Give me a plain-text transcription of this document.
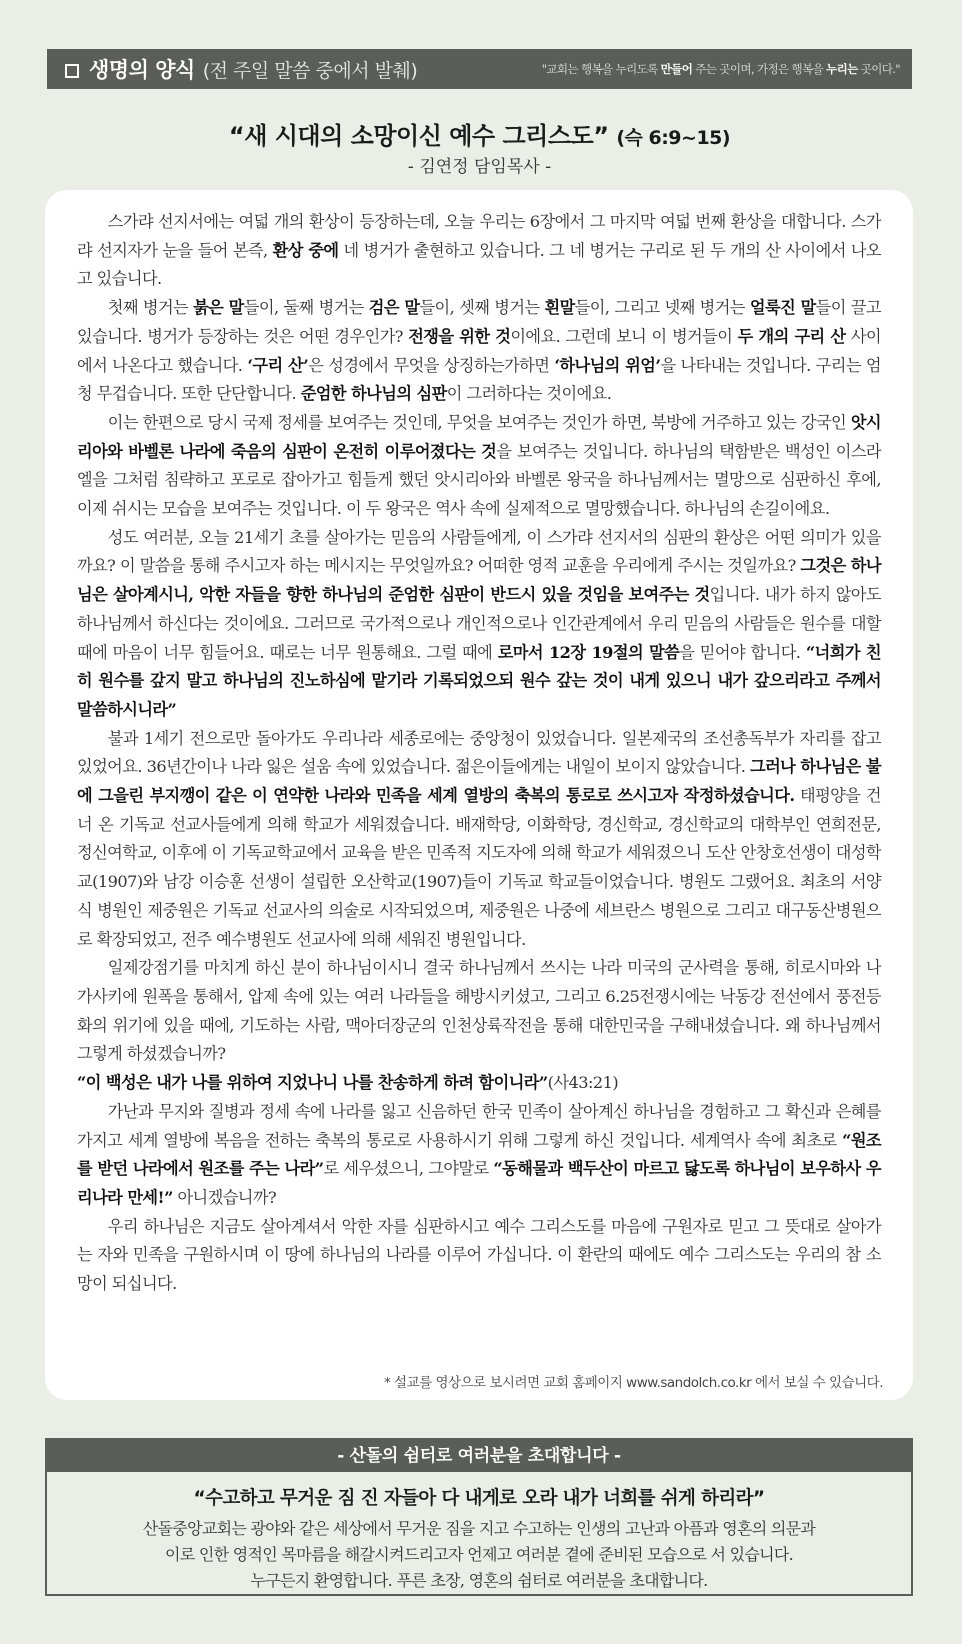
생명의 양식 (전 주일 말씀 중에서 발췌)	"교회는 행복을 누리도록 만들어 주는 곳이며, 가정은 행복을 누리는 곳이다."
“새 시대의 소망이신 예수 그리스도” (슥 6:9~15)
- 김연정 담임목사 -

스가랴 선지서에는 여덟 개의 환상이 등장하는데, 오늘 우리는 6장에서 그 마지막 여덟 번째 환상을 대합니다. 스가랴 선지자가 눈을 들어 본즉, 환상 중에 네 병거가 출현하고 있습니다. 그 네 병거는 구리로 된 두 개의 산 사이에서 나오고 있습니다.

첫째 병거는 붉은 말들이, 둘째 병거는 검은 말들이, 셋째 병거는 흰말들이, 그리고 넷째 병거는 얼룩진 말들이 끌고 있습니다. 병거가 등장하는 것은 어떤 경우인가? 전쟁을 위한 것이에요. 그런데 보니 이 병거들이 두 개의 구리 산 사이에서 나온다고 했습니다. ‘구리 산’은 성경에서 무엇을 상징하는가하면 ‘하나님의 위엄’을 나타내는 것입니다. 구리는 엄청 무겁습니다. 또한 단단합니다. 준엄한 하나님의 심판이 그러하다는 것이에요.

이는 한편으로 당시 국제 정세를 보여주는 것인데, 무엇을 보여주는 것인가 하면, 북방에 거주하고 있는 강국인 앗시리아와 바벨론 나라에 죽음의 심판이 온전히 이루어졌다는 것을 보여주는 것입니다. 하나님의 택함받은 백성인 이스라엘을 그처럼 침략하고 포로로 잡아가고 힘들게 했던 앗시리아와 바벨론 왕국을 하나님께서는 멸망으로 심판하신 후에, 이제 쉬시는 모습을 보여주는 것입니다. 이 두 왕국은 역사 속에 실제적으로 멸망했습니다. 하나님의 손길이에요.

성도 여러분, 오늘 21세기 초를 살아가는 믿음의 사람들에게, 이 스가랴 선지서의 심판의 환상은 어떤 의미가 있을까요? 이 말씀을 통해 주시고자 하는 메시지는 무엇일까요? 어떠한 영적 교훈을 우리에게 주시는 것일까요? 그것은 하나님은 살아계시니, 악한 자들을 향한 하나님의 준엄한 심판이 반드시 있을 것임을 보여주는 것입니다. 내가 하지 않아도 하나님께서 하신다는 것이에요. 그러므로 국가적으로나 개인적으로나 인간관계에서 우리 믿음의 사람들은 원수를 대할 때에 마음이 너무 힘들어요. 때로는 너무 원통해요. 그럴 때에 로마서 12장 19절의 말씀을 믿어야 합니다. “너희가 친히 원수를 갚지 말고 하나님의 진노하심에 맡기라 기록되었으되 원수 갚는 것이 내게 있으니 내가 갚으리라고 주께서 말씀하시니라”

불과 1세기 전으로만 돌아가도 우리나라 세종로에는 중앙청이 있었습니다. 일본제국의 조선총독부가 자리를 잡고 있었어요. 36년간이나 나라 잃은 설움 속에 있었습니다. 젊은이들에게는 내일이 보이지 않았습니다. 그러나 하나님은 불에 그을린 부지깽이 같은 이 연약한 나라와 민족을 세계 열방의 축복의 통로로 쓰시고자 작정하셨습니다. 태평양을 건너 온 기독교 선교사들에게 의해 학교가 세워졌습니다. 배재학당, 이화학당, 경신학교, 경신학교의 대학부인 연희전문, 정신여학교, 이후에 이 기독교학교에서 교육을 받은 민족적 지도자에 의해 학교가 세워졌으니 도산 안창호선생이 대성학교(1907)와 남강 이승훈 선생이 설립한 오산학교(1907)들이 기독교 학교들이었습니다. 병원도 그랬어요. 최초의 서양식 병원인 제중원은 기독교 선교사의 의술로 시작되었으며, 제중원은 나중에 세브란스 병원으로 그리고 대구동산병원으로 확장되었고, 전주 예수병원도 선교사에 의해 세워진 병원입니다.

일제강점기를 마치게 하신 분이 하나님이시니 결국 하나님께서 쓰시는 나라 미국의 군사력을 통해, 히로시마와 나가사키에 원폭을 통해서, 압제 속에 있는 여러 나라들을 해방시키셨고, 그리고 6.25전쟁시에는 낙동강 전선에서 풍전등화의 위기에 있을 때에, 기도하는 사람, 맥아더장군의 인천상륙작전을 통해 대한민국을 구해내셨습니다. 왜 하나님께서 그렇게 하셨겠습니까?

“이 백성은 내가 나를 위하여 지었나니 나를 찬송하게 하려 함이니라”(사43:21)

가난과 무지와 질병과 정세 속에 나라를 잃고 신음하던 한국 민족이 살아계신 하나님을 경험하고 그 확신과 은혜를 가지고 세계 열방에 복음을 전하는 축복의 통로로 사용하시기 위해 그렇게 하신 것입니다. 세계역사 속에 최초로 “원조를 받던 나라에서 원조를 주는 나라”로 세우셨으니, 그야말로 “동해물과 백두산이 마르고 닳도록 하나님이 보우하사 우리나라 만세!” 아니겠습니까?

우리 하나님은 지금도 살아계셔서 악한 자를 심판하시고 예수 그리스도를 마음에 구원자로 믿고 그 뜻대로 살아가는 자와 민족을 구원하시며 이 땅에 하나님의 나라를 이루어 가십니다. 이 환란의 때에도 예수 그리스도는 우리의 참 소망이 되십니다.

* 설교를 영상으로 보시려면 교회 홈페이지 www.sandolch.co.kr 에서 보실 수 있습니다.
- 산돌의 쉼터로 여러분을 초대합니다 -
“수고하고 무거운 짐 진 자들아 다 내게로 오라 내가 너희를 쉬게 하리라”
산돌중앙교회는 광야와 같은 세상에서 무거운 짐을 지고 수고하는 인생의 고난과 아픔과 영혼의 의문과
이로 인한 영적인 목마름을 해갈시켜드리고자 언제고 여러분 곁에 준비된 모습으로 서 있습니다.
누구든지 환영합니다. 푸른 초장, 영혼의 쉼터로 여러분을 초대합니다.
